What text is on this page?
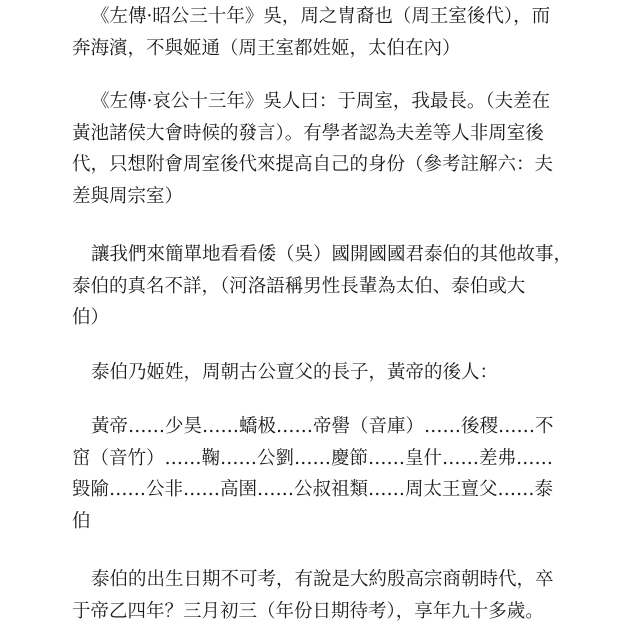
《左傳·昭公三十年》吳，周之冑裔也（周王室後代），而
奔海濱，不與姬通（周王室都姓姬，太伯在內）
《左傳·哀公十三年》吳人曰：于周室，我最長。（夫差在
黃池諸侯大會時候的發言）。有學者認為夫差等人非周室後
代，只想附會周室後代來提高自己的身份（參考註解六：夫
差與周宗室）
讓我們來簡單地看看倭（吳）國開國國君泰伯的其他故事，
泰伯的真名不詳，（河洛語稱男性長輩為太伯、泰伯或大
伯）
泰伯乃姬姓，周朝古公亶父的長子，黃帝的後人：
黃帝……少昊……蟜极……帝嚳（音庫）……後稷……不
窋（音竹）……鞠……公劉……慶節……皇什……差弗……
毀隃……公非……高圉……公叔祖類……周太王亶父……泰
伯
泰伯的出生日期不可考，有說是大約殷高宗商朝時代，卒
于帝乙四年？三月初三（年份日期待考），享年九十多歲。
